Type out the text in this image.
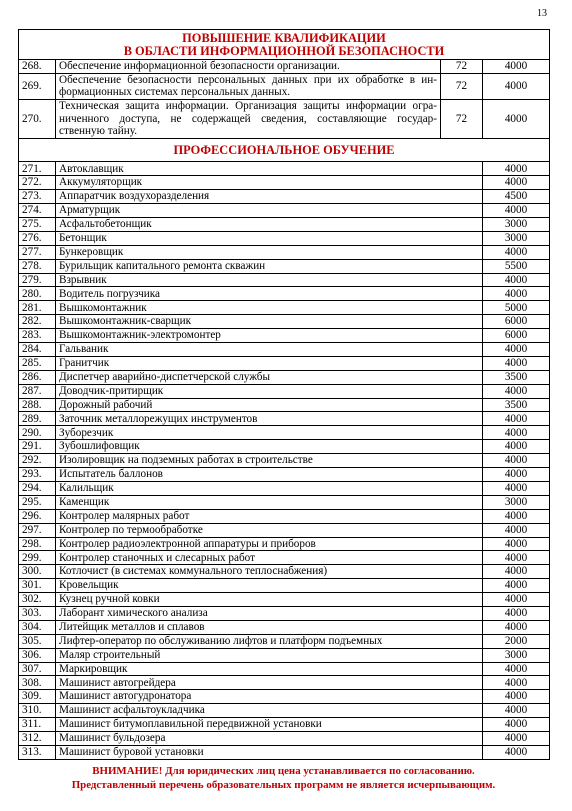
13
ПОВЫШЕНИЕ КВАЛИФИКАЦИИ
В ОБЛАСТИ ИНФОРМАЦИОННОЙ БЕЗОПАСНОСТИ			

268.	Обеспечение информационной безопасности организации.	72	4000
269.	Обеспечение безопасности персональных данных при их обработке в ин-формационных системах персональных данных.	72	4000
270.	Техническая защита информации. Организация защиты информации огра-ниченного доступа, не содержащей сведения, составляющие государ-ственную тайну.	72	4000
ПРОФЕССИОНАЛЬНОЕ ОБУЧЕНИЕ			
271.	Автоклавщик		4000
272.	Аккумуляторщик		4000
273.	Аппаратчик воздухоразделения		4500
274.	Арматурщик		4000
275.	Асфальтобетонщик		3000
276.	Бетонщик		3000
277.	Бункеровщик		4000
278.	Бурильщик капитального ремонта скважин		5500
279.	Взрывник		4000
280.	Водитель погрузчика		4000
281.	Вышкомонтажник		5000
282.	Вышкомонтажник-сварщик		6000
283.	Вышкомонтажник-электромонтер		6000
284.	Гальваник		4000
285.	Гранитчик		4000
286.	Диспетчер аварийно-диспетчерской службы		3500
287.	Доводчик-притирщик		4000
288.	Дорожный рабочий		3500
289.	Заточник металлорежущих инструментов		4000
290.	Зуборезчик		4000
291.	Зубошлифовщик		4000
292.	Изолировщик на подземных работах в строительстве		4000
293.	Испытатель баллонов		4000
294.	Калильщик		4000
295.	Каменщик		3000
296.	Контролер малярных работ		4000
297.	Контролер по термообработке		4000
298.	Контролер радиоэлектронной аппаратуры и приборов		4000
299.	Контролер станочных и слесарных работ		4000
300.	Котлочист (в системах коммунального теплоснабжения)		4000
301.	Кровельщик		4000
302.	Кузнец ручной ковки		4000
303.	Лаборант химического анализа		4000
304.	Литейщик металлов и сплавов		4000
305.	Лифтер-оператор по обслуживанию лифтов и платформ подъемных		2000
306.	Маляр строительный		3000
307.	Маркировщик		4000
308.	Машинист автогрейдера		4000
309.	Машинист автогудронатора		4000
310.	Машинист асфальтоукладчика		4000
311.	Машинист битумоплавильной передвижной установки		4000
312.	Машинист бульдозера		4000
313.	Машинист буровой установки		4000
ВНИМАНИЕ! Для юридических лиц цена устанавливается по согласованию.
Представленный перечень образовательных программ не является исчерпывающим.
